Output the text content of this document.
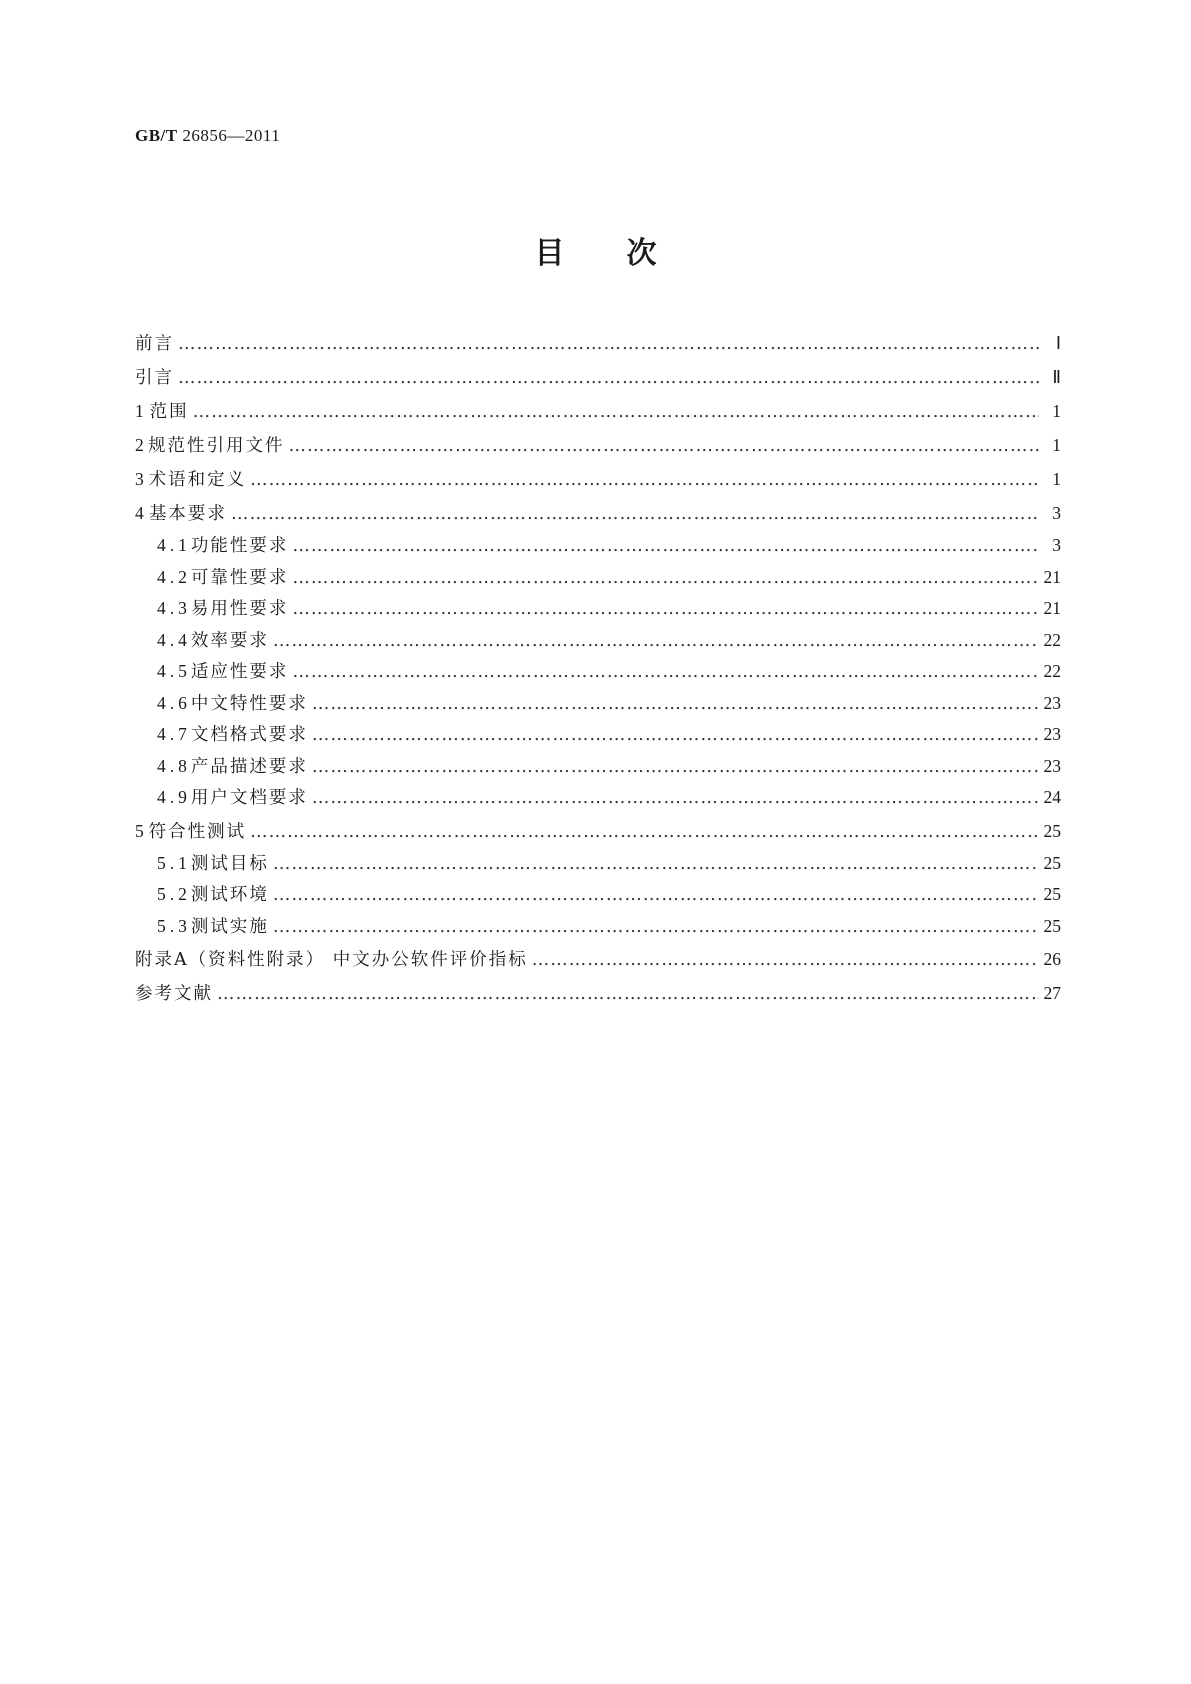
GB/T 26856—2011

目次
前言 …………………………………………………………………………………………………………………………………………………………………………………………………………………………………………………………	Ⅰ
引言 …………………………………………………………………………………………………………………………………………………………………………………………………………………………………………………………	Ⅱ
1 范围 …………………………………………………………………………………………………………………………………………………………………………………………………………………………………………………………	1
2 规范性引用文件 …………………………………………………………………………………………………………………………………………………………………………………………………………………………………………………………	1
3 术语和定义 …………………………………………………………………………………………………………………………………………………………………………………………………………………………………………………………	1
4 基本要求 …………………………………………………………………………………………………………………………………………………………………………………………………………………………………………………………	3
4.1 功能性要求 …………………………………………………………………………………………………………………………………………………………………………………………………………………………………………………………	3
4.2 可靠性要求 …………………………………………………………………………………………………………………………………………………………………………………………………………………………………………………………	21
4.3 易用性要求 …………………………………………………………………………………………………………………………………………………………………………………………………………………………………………………………	21
4.4 效率要求 …………………………………………………………………………………………………………………………………………………………………………………………………………………………………………………………	22
4.5 适应性要求 …………………………………………………………………………………………………………………………………………………………………………………………………………………………………………………………	22
4.6 中文特性要求 …………………………………………………………………………………………………………………………………………………………………………………………………………………………………………………………	23
4.7 文档格式要求 …………………………………………………………………………………………………………………………………………………………………………………………………………………………………………………………	23
4.8 产品描述要求 …………………………………………………………………………………………………………………………………………………………………………………………………………………………………………………………	23
4.9 用户文档要求 …………………………………………………………………………………………………………………………………………………………………………………………………………………………………………………………	24
5 符合性测试 …………………………………………………………………………………………………………………………………………………………………………………………………………………………………………………………	25
5.1 测试目标 …………………………………………………………………………………………………………………………………………………………………………………………………………………………………………………………	25
5.2 测试环境 …………………………………………………………………………………………………………………………………………………………………………………………………………………………………………………………	25
5.3 测试实施 …………………………………………………………………………………………………………………………………………………………………………………………………………………………………………………………	25
附录A（资料性附录） 中文办公软件评价指标 …………………………………………………………………………………………………………………………………………………………………………………………………………………………………………………………	26
参考文献 …………………………………………………………………………………………………………………………………………………………………………………………………………………………………………………………	27
